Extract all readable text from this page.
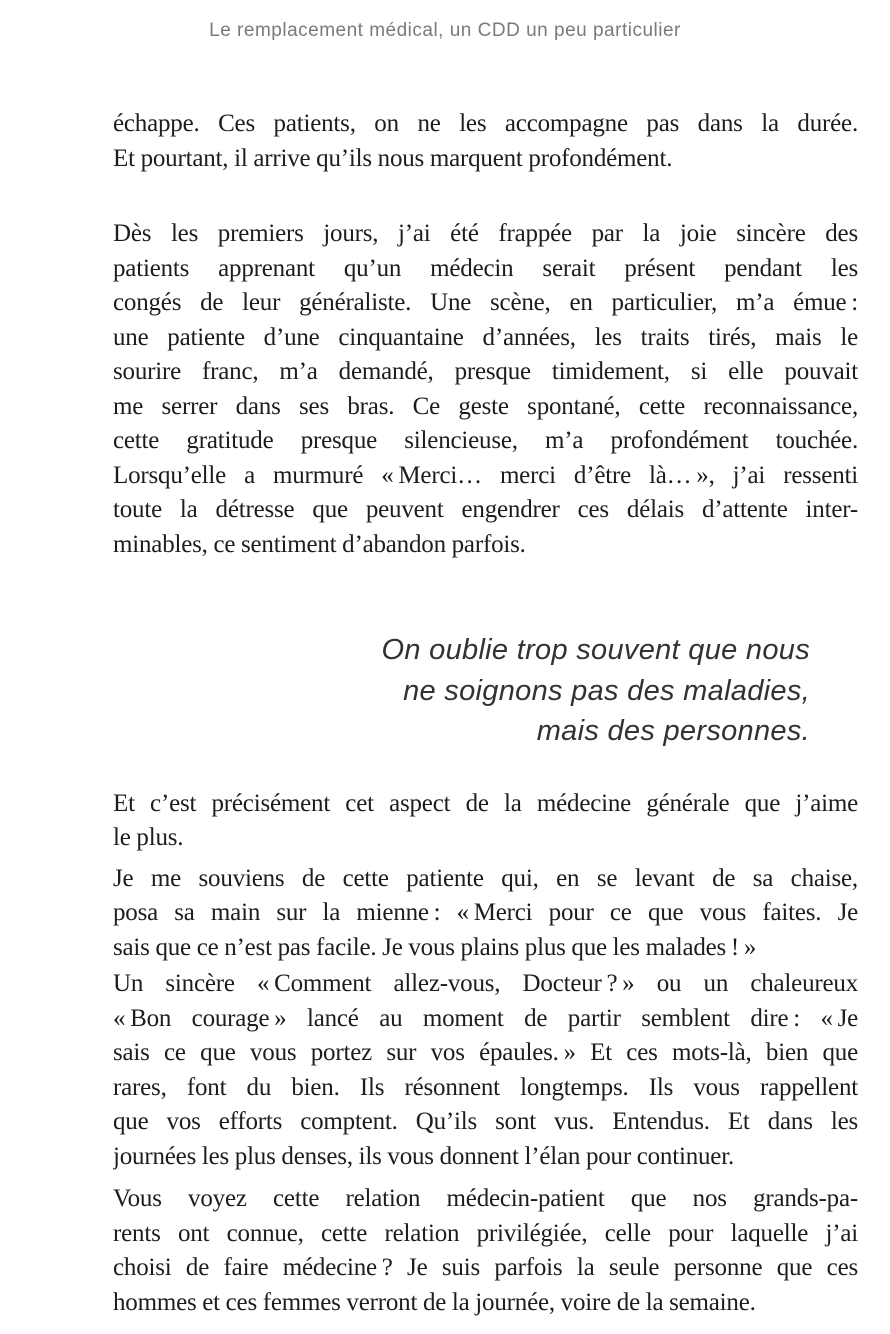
Le remplacement médical, un CDD un peu particulier
échappe. Ces patients, on ne les accompagne pas dans la durée.
Et pourtant, il arrive qu’ils nous marquent profondément.
Dès les premiers jours, j’ai été frappée par la joie sincère des
patients apprenant qu’un médecin serait présent pendant les
congés de leur généraliste. Une scène, en particulier, m’a émue :
une patiente d’une cinquantaine d’années, les traits tirés, mais le
sourire franc, m’a demandé, presque timidement, si elle pouvait
me serrer dans ses bras. Ce geste spontané, cette reconnaissance,
cette gratitude presque silencieuse, m’a profondément touchée.
Lorsqu’elle a murmuré « Merci… merci d’être là… », j’ai ressenti
toute la détresse que peuvent engendrer ces délais d’attente inter-
minables, ce sentiment d’abandon parfois.
On oublie trop souvent que nous
ne soignons pas des maladies,
mais des personnes.
Et c’est précisément cet aspect de la médecine générale que j’aime
le plus.
Je me souviens de cette patiente qui, en se levant de sa chaise,
posa sa main sur la mienne : « Merci pour ce que vous faites. Je
sais que ce n’est pas facile. Je vous plains plus que les malades ! »
Un sincère « Comment allez-vous, Docteur ? » ou un chaleureux
« Bon courage » lancé au moment de partir semblent dire : « Je
sais ce que vous portez sur vos épaules. » Et ces mots-là, bien que
rares, font du bien. Ils résonnent longtemps. Ils vous rappellent
que vos efforts comptent. Qu’ils sont vus. Entendus. Et dans les
journées les plus denses, ils vous donnent l’élan pour continuer.
Vous voyez cette relation médecin-patient que nos grands-pa-
rents ont connue, cette relation privilégiée, celle pour laquelle j’ai
choisi de faire médecine ? Je suis parfois la seule personne que ces
hommes et ces femmes verront de la journée, voire de la semaine.
